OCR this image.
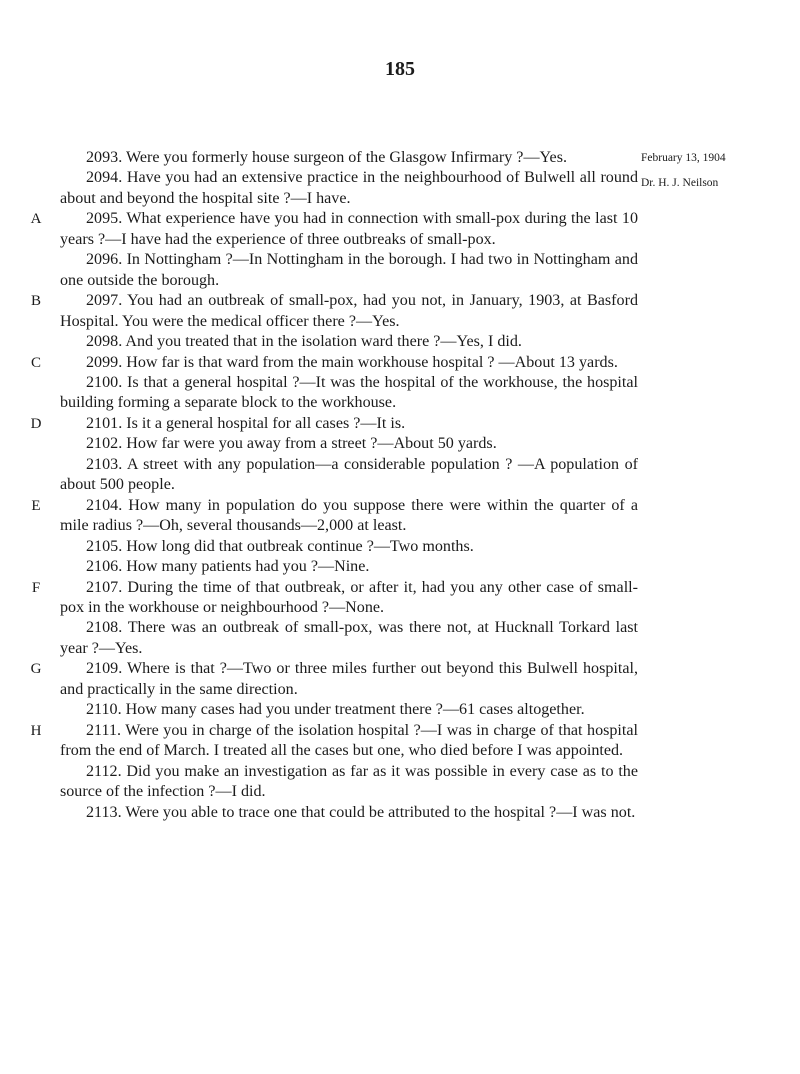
185
February 13, 1904
Dr. H. J. Neilson

2093. Were you formerly house surgeon of the Glasgow Infirmary ?—Yes.

2094. Have you had an extensive practice in the neighbourhood of Bulwell all round about and beyond the hospital site ?—I have.

A	2095. What experience have you had in connection with small-pox during the last 10 years ?—I have had the experience of three outbreaks of small-pox.

2096. In Nottingham ?—In Nottingham in the borough. I had two in Nottingham and one outside the borough.

B	2097. You had an outbreak of small-pox, had you not, in January, 1903, at Basford Hospital. You were the medical officer there ?—Yes.

2098. And you treated that in the isolation ward there ?—Yes, I did.

C	2099. How far is that ward from the main workhouse hospital ? —About 13 yards.

2100. Is that a general hospital ?—It was the hospital of the workhouse, the hospital building forming a separate block to the workhouse.

D	2101. Is it a general hospital for all cases ?—It is.

2102. How far were you away from a street ?—About 50 yards.

2103. A street with any population—a considerable population ? —A population of about 500 people.

E	2104. How many in population do you suppose there were within the quarter of a mile radius ?—Oh, several thousands—2,000 at least.

2105. How long did that outbreak continue ?—Two months.

2106. How many patients had you ?—Nine.

F	2107. During the time of that outbreak, or after it, had you any other case of small-pox in the workhouse or neighbourhood ?—None.

2108. There was an outbreak of small-pox, was there not, at Hucknall Torkard last year ?—Yes.

G	2109. Where is that ?—Two or three miles further out beyond this Bulwell hospital, and practically in the same direction.

2110. How many cases had you under treatment there ?—61 cases altogether.

H	2111. Were you in charge of the isolation hospital ?—I was in charge of that hospital from the end of March. I treated all the cases but one, who died before I was appointed.

2112. Did you make an investigation as far as it was possible in every case as to the source of the infection ?—I did.

2113. Were you able to trace one that could be attributed to the hospital ?—I was not.
